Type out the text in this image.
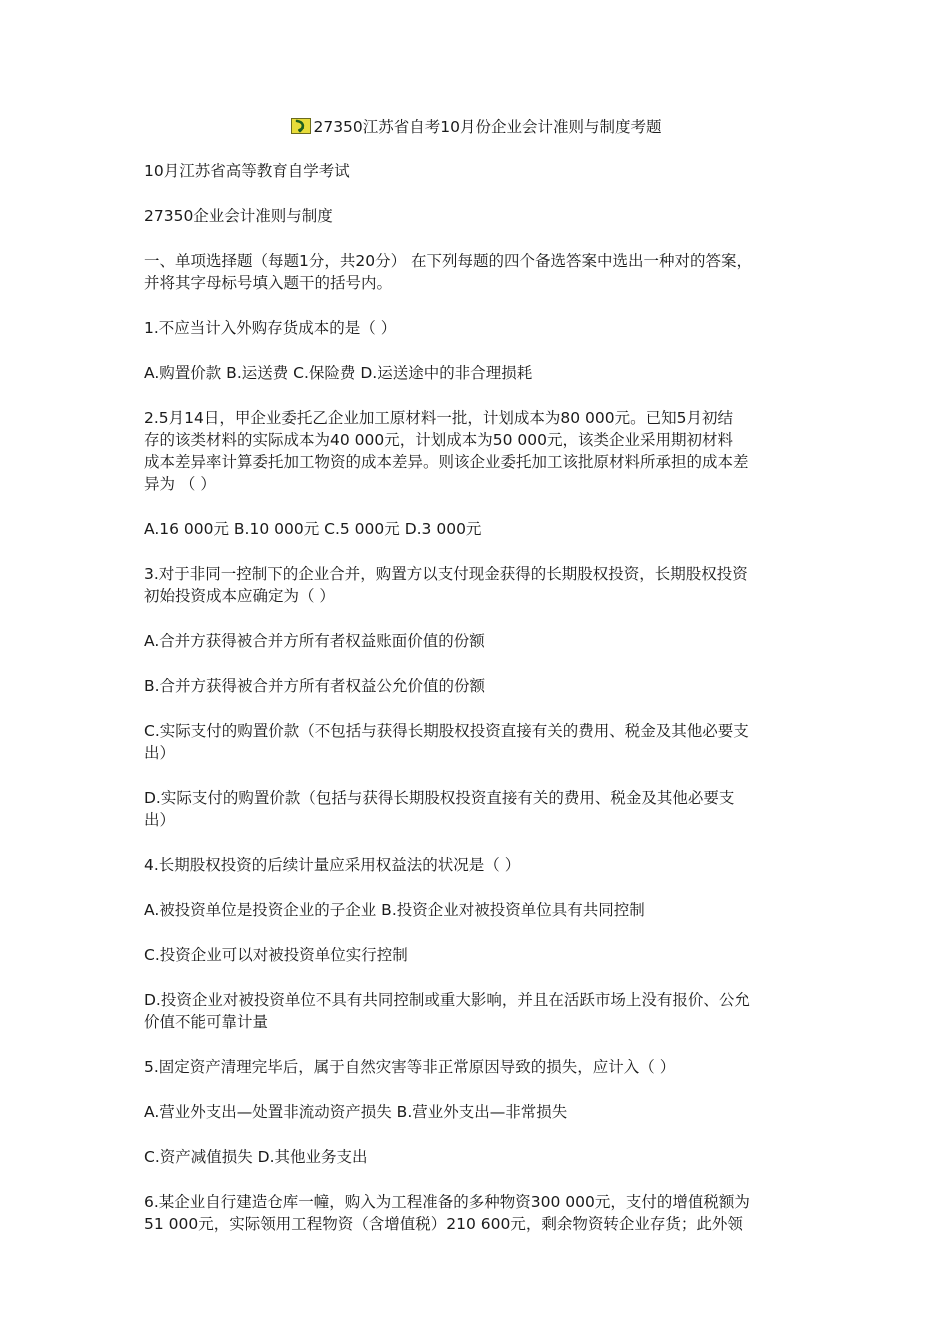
27350江苏省自考10月份企业会计准则与制度考题

10月江苏省高等教育自学考试

27350企业会计准则与制度

一、单项选择题（每题1分，共20分） 在下列每题的四个备选答案中选出一种对的答案，
并将其字母标号填入题干的括号内。

1.不应当计入外购存货成本的是（ ）

A.购置价款 B.运送费 C.保险费 D.运送途中的非合理损耗

2.5月14日，甲企业委托乙企业加工原材料一批，计划成本为80 000元。已知5月初结
存的该类材料的实际成本为40 000元，计划成本为50 000元，该类企业采用期初材料
成本差异率计算委托加工物资的成本差异。则该企业委托加工该批原材料所承担的成本差
异为 （ ）

A.16 000元 B.10 000元 C.5 000元 D.3 000元

3.对于非同一控制下的企业合并，购置方以支付现金获得的长期股权投资，长期股权投资
初始投资成本应确定为（ ）

A.合并方获得被合并方所有者权益账面价值的份额

B.合并方获得被合并方所有者权益公允价值的份额

C.实际支付的购置价款（不包括与获得长期股权投资直接有关的费用、税金及其他必要支
出）

D.实际支付的购置价款（包括与获得长期股权投资直接有关的费用、税金及其他必要支
出）

4.长期股权投资的后续计量应采用权益法的状况是（ ）

A.被投资单位是投资企业的子企业 B.投资企业对被投资单位具有共同控制

C.投资企业可以对被投资单位实行控制

D.投资企业对被投资单位不具有共同控制或重大影响，并且在活跃市场上没有报价、公允
价值不能可靠计量

5.固定资产清理完毕后，属于自然灾害等非正常原因导致的损失，应计入（ ）

A.营业外支出—处置非流动资产损失 B.营业外支出—非常损失

C.资产减值损失 D.其他业务支出

6.某企业自行建造仓库一幢，购入为工程准备的多种物资300 000元，支付的增值税额为
51 000元，实际领用工程物资（含增值税）210 600元，剩余物资转企业存货；此外领
